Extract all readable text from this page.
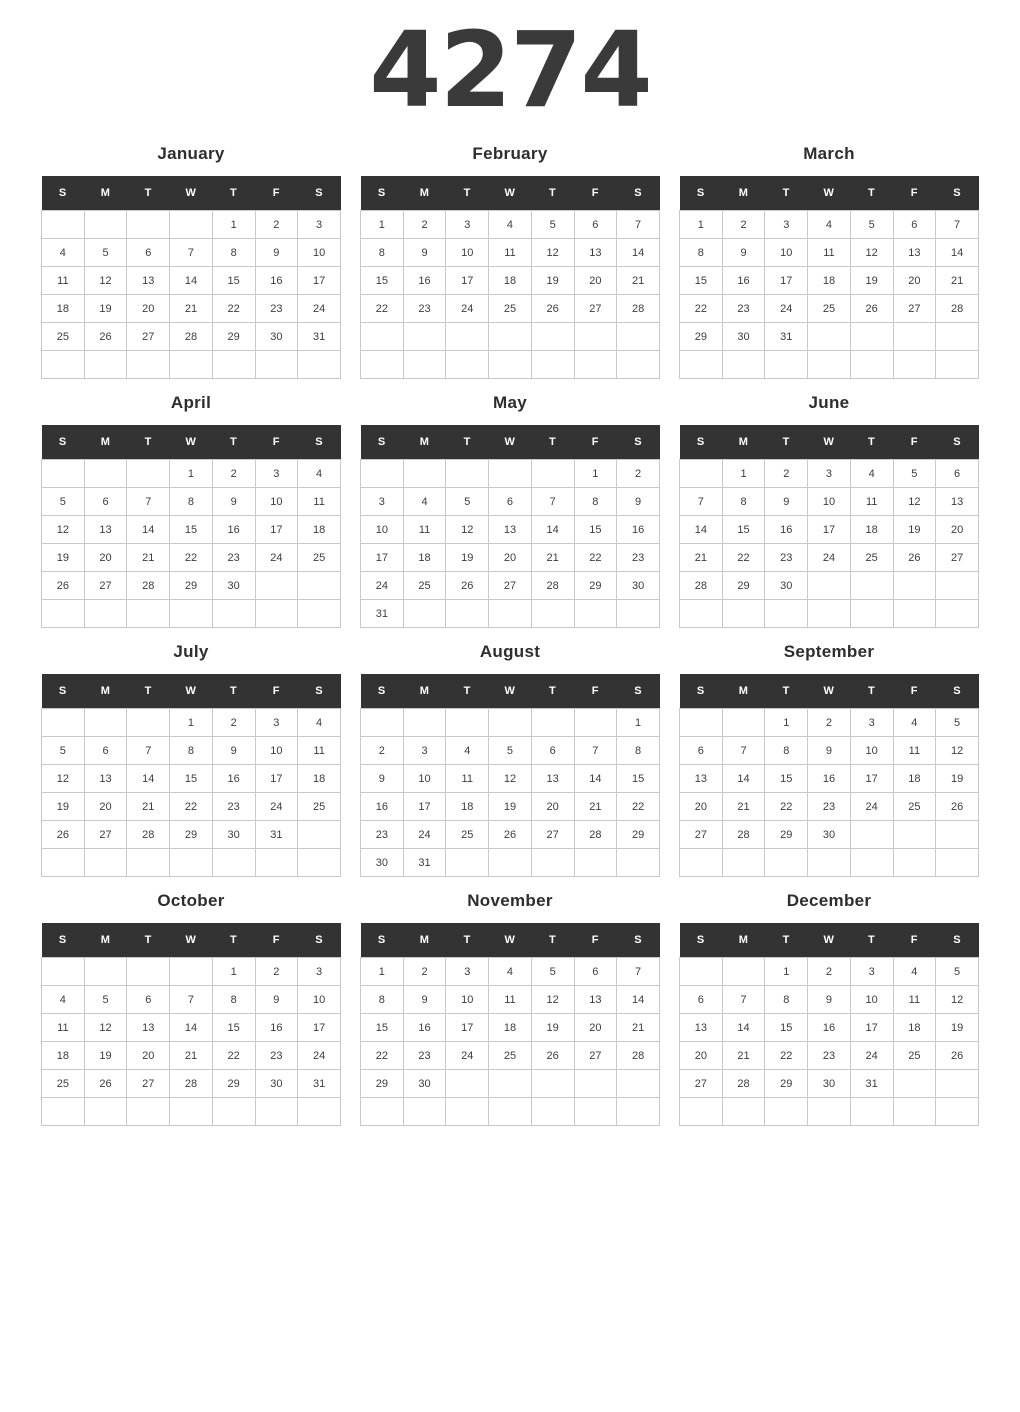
4274
January
S	M	T	W	T	F	S
				1	2	3
4	5	6	7	8	9	10
11	12	13	14	15	16	17
18	19	20	21	22	23	24
25	26	27	28	29	30	31

February
S	M	T	W	T	F	S
1	2	3	4	5	6	7
8	9	10	11	12	13	14
15	16	17	18	19	20	21
22	23	24	25	26	27	28

March
S	M	T	W	T	F	S
1	2	3	4	5	6	7
8	9	10	11	12	13	14
15	16	17	18	19	20	21
22	23	24	25	26	27	28
29	30	31				

April
S	M	T	W	T	F	S
			1	2	3	4
5	6	7	8	9	10	11
12	13	14	15	16	17	18
19	20	21	22	23	24	25
26	27	28	29	30		

May
S	M	T	W	T	F	S
					1	2
3	4	5	6	7	8	9
10	11	12	13	14	15	16
17	18	19	20	21	22	23
24	25	26	27	28	29	30
31						
June
S	M	T	W	T	F	S
	1	2	3	4	5	6
7	8	9	10	11	12	13
14	15	16	17	18	19	20
21	22	23	24	25	26	27
28	29	30				

July
S	M	T	W	T	F	S
			1	2	3	4
5	6	7	8	9	10	11
12	13	14	15	16	17	18
19	20	21	22	23	24	25
26	27	28	29	30	31	

August
S	M	T	W	T	F	S
						1
2	3	4	5	6	7	8
9	10	11	12	13	14	15
16	17	18	19	20	21	22
23	24	25	26	27	28	29
30	31					
September
S	M	T	W	T	F	S
		1	2	3	4	5
6	7	8	9	10	11	12
13	14	15	16	17	18	19
20	21	22	23	24	25	26
27	28	29	30			

October
S	M	T	W	T	F	S
				1	2	3
4	5	6	7	8	9	10
11	12	13	14	15	16	17
18	19	20	21	22	23	24
25	26	27	28	29	30	31

November
S	M	T	W	T	F	S
1	2	3	4	5	6	7
8	9	10	11	12	13	14
15	16	17	18	19	20	21
22	23	24	25	26	27	28
29	30					

December
S	M	T	W	T	F	S
		1	2	3	4	5
6	7	8	9	10	11	12
13	14	15	16	17	18	19
20	21	22	23	24	25	26
27	28	29	30	31		
